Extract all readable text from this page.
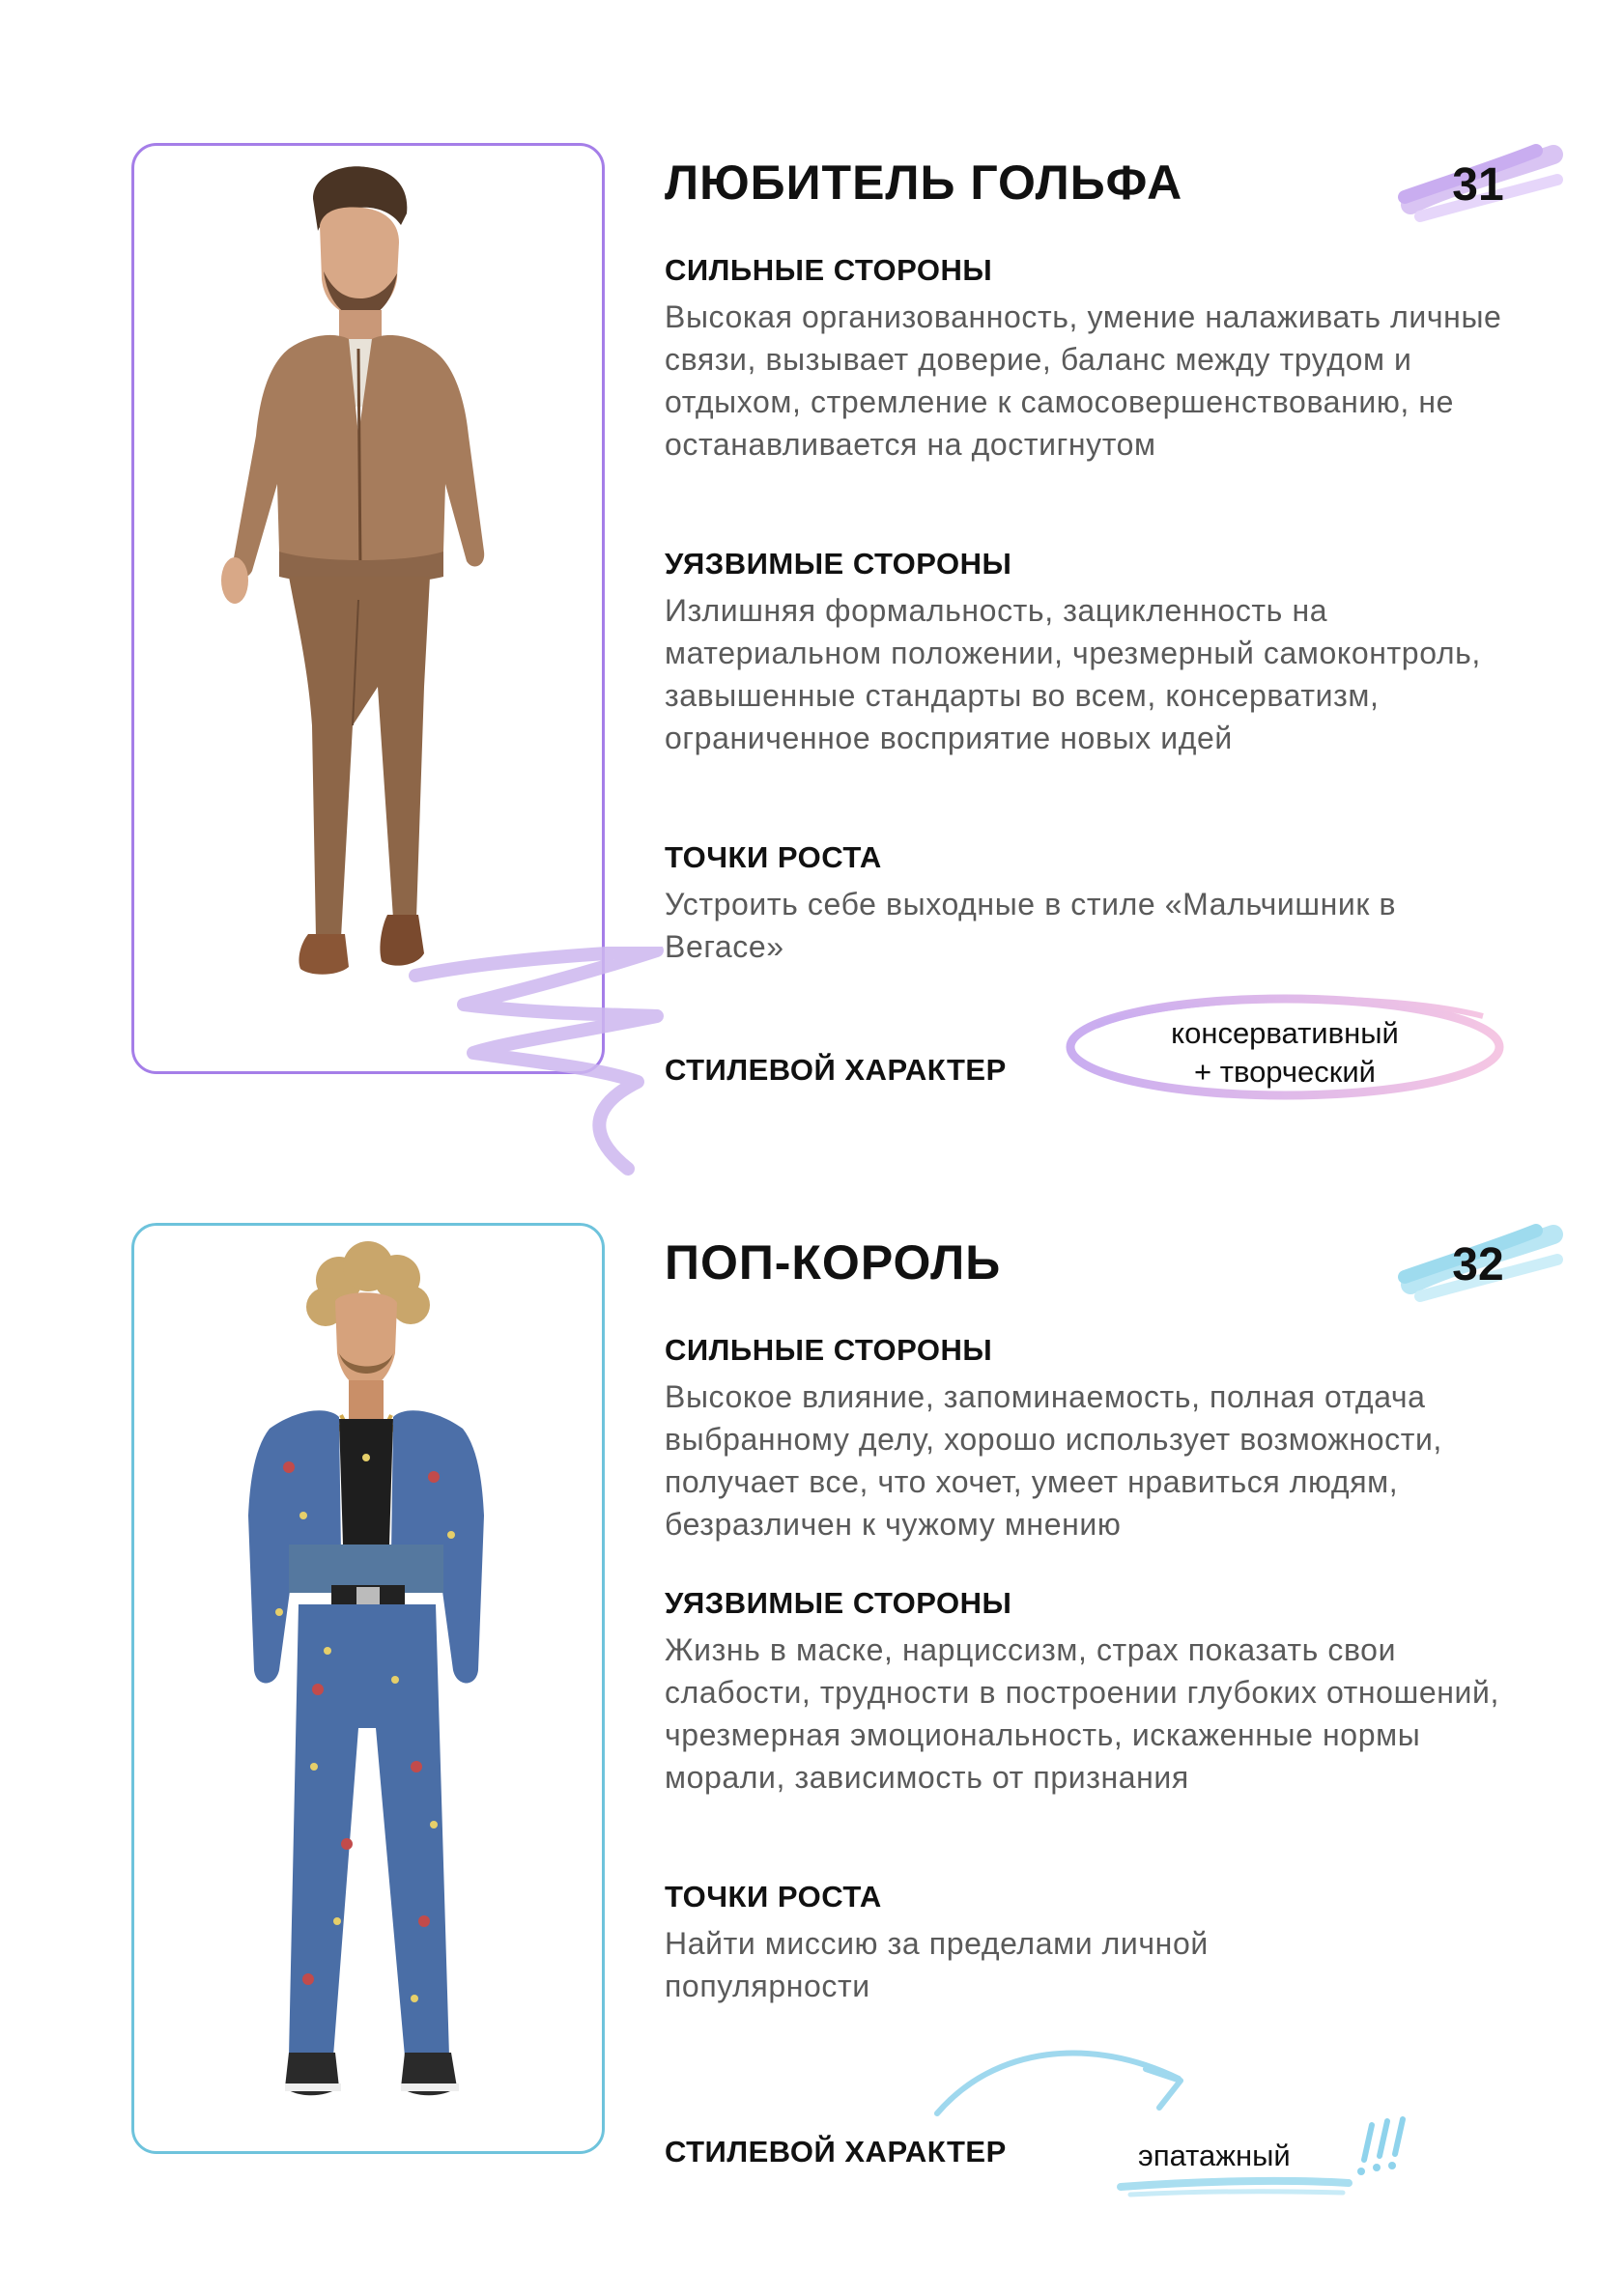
ЛЮБИТЕЛЬ ГОЛЬФА	31
СИЛЬНЫЕ СТОРОНЫ

Высокая организованность, умение налаживать личные связи, вызывает доверие, баланс между трудом и отдыхом, стремление к самосовершенствованию, не останавливается на достигнутом

УЯЗВИМЫЕ СТОРОНЫ

Излишняя формальность, зацикленность на материальном положении, чрезмерный самоконтроль, завышенные стандарты во всем, консерватизм, ограниченное восприятие новых идей

ТОЧКИ РОСТА

Устроить себе выходные в стиле «Мальчишник в Вегасе»

СТИЛЕВОЙ ХАРАКТЕР
консервативный
+ творческий
ПОП-КОРОЛЬ	32
СИЛЬНЫЕ СТОРОНЫ

Высокое влияние, запоминаемость, полная отдача выбранному делу, хорошо использует возможности, получает все, что хочет, умеет нравиться людям, безразличен к чужому мнению

УЯЗВИМЫЕ СТОРОНЫ

Жизнь в маске, нарциссизм, страх показать свои слабости, трудности в построении глубоких отношений, чрезмерная эмоциональность, искаженные нормы морали, зависимость от признания

ТОЧКИ РОСТА

Найти миссию за пределами личной популярности

СТИЛЕВОЙ ХАРАКТЕР	эпатажный
